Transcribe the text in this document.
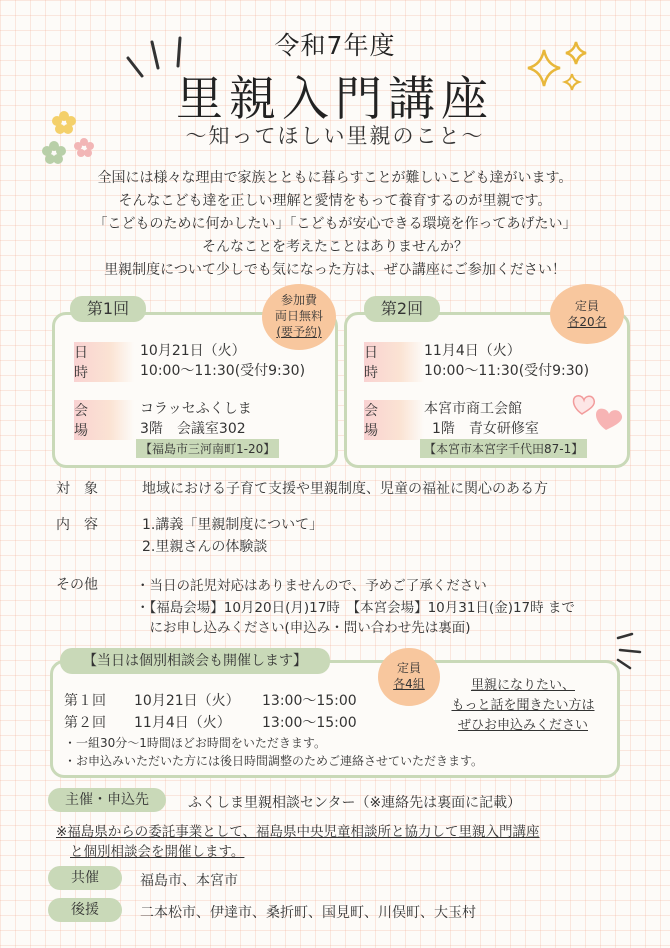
令和7年度
里親入門講座
～知ってほしい里親のこと～
全国には様々な理由で家族とともに暮らすことが難しいこども達がいます。
そんなこども達を正しい理解と愛情をもって養育するのが里親です。
「こどものために何かしたい」「こどもが安心できる環境を作ってあげたい」
そんなことを考えたことはありませんか？
里親制度について少しでも気になった方は、ぜひ講座にご参加ください！
第1回	参加費
両日無料
(要予約)
日 時
10月21日（火）
10:00～11:30(受付9:30)
会 場
コラッセふくしま
3階　会議室302
【福島市三河南町1-20】
第2回	定員
各20名
日 時
11月4日（火）
10:00～11:30(受付9:30)
会 場
本宮市商工会館
1階　青女研修室
【本宮市本宮字千代田87-1】
対　象	地域における子育て支援や里親制度、児童の福祉に関心のある方
内　容	1.講義「里親制度について」
2.里親さんの体験談
その他	・当日の託児対応はありませんので、予めご了承ください
・【福島会場】10月20日(月)17時　【本宮会場】10月31日(金)17時 まで
　にお申し込みください(申込み・問い合わせ先は裏面)
【当日は個別相談会も開催します】	定員
各4組
第１回 10月21日（火） 13:00～15:00
第２回 11月4日（火） 13:00～15:00
・一組30分～1時間ほどお時間をいただきます。
・お申込みいただいた方には後日時間調整のためご連絡させていただきます。
里親になりたい、
もっと話を聞きたい方は
ぜひお申込みください
主催・申込先	ふくしま里親相談センター（※連絡先は裏面に記載）
※福島県からの委託事業として、福島県中央児童相談所と協力して里親入門講座
と個別相談会を開催します。
共催	福島市、本宮市
後援	二本松市、伊達市、桑折町、国見町、川俣町、大玉村
